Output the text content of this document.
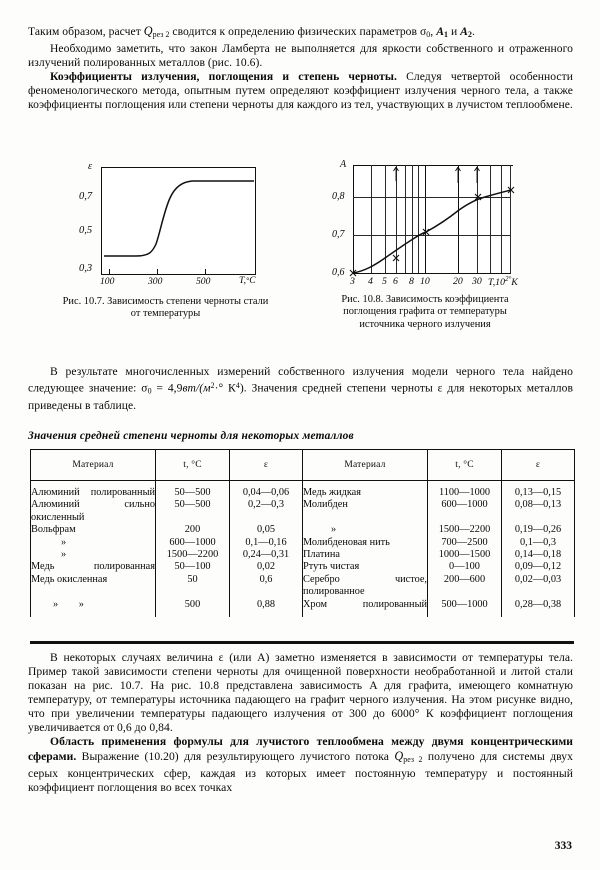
Таким образом, расчет $Q_{рез 2}$ сводится к определению физических параметров $\sigma_0$, $A_1$ и $A_2$.

Необходимо заметить, что закон Ламберта не выполняется для яркости собственного и отраженного излучений полированных металлов (рис. 10.6).

Коэффициенты излучения, поглощения и степень черноты. Следуя четвертой особенности феноменологического метода, опытным путем определяют коэффициент излучения черного тела, а также коэффициенты поглощения или степени черноты для каждого из тел, участвующих в лучистом теплообмене.

ε
0,7
0,5
0,3
100	300	500	T,°C
Рис. 10.7. Зависимость степени черноты стали от температуры
A
0,8
0,7
0,6
3 4 5 6 8 10 20 30 $T,10^{2^\circ}К$
Рис. 10.8. Зависимость коэффициента поглощения графита от температуры источника черного излучения

В результате многочисленных измерений собственного излучения модели черного тела найдено следующее значение: $\sigma_0 = 4,9вт/(м^2\cdot^\circ$ $К^4$). Значения средней степени черноты ε для некоторых металлов приведены в таблице.

Значения средней степени черноты для некоторых металлов
Материал	t, °C	ε	Материал	t, °C	ε

Алюминий полированный	50—500	0,04—0,06	Медь жидкая	1100—1000	0,13—0,15
Алюминий сильно окисленный	50—500	0,2—0,3	Молибден	600—1000	0,08—0,13
Вольфрам	200	0,05	»	1500—2200	0,19—0,26
»	600—1000	0,1—0,16	Молибденовая нить	700—2500	0,1—0,3
»	1500—2200	0,24—0,31	Платина	1000—1500	0,14—0,18
Медь полированная	50—100	0,02	Ртуть чистая	0—100	0,09—0,12
Медь окисленная	50	0,6	Серебро чистое, полированное	200—600	0,02—0,03
»        »	500	0,88	Хром полированный	500—1000	0,28—0,38

В некоторых случаях величина ε (или A) заметно изменяется в зависимости от температуры тела. Пример такой зависимости степени черноты для очищенной поверхности необработанной и литой стали показан на рис. 10.7. На рис. 10.8 представлена зависимость A для графита, имеющего комнатную температуру, от температуры источника падающего на графит черного излучения. На этом рисунке видно, что при увеличении температуры падающего излучения от 300 до 6000° К коэффициент поглощения увеличивается от 0,6 до 0,84.

Область применения формулы для лучистого теплообмена между двумя концентрическими сферами. Выражение (10.20) для результирующего лучистого потока $Q_{рез 2}$ получено для системы двух серых концентрических сфер, каждая из которых имеет постоянную температуру и постоянный коэффициент поглощения во всех точках

333
